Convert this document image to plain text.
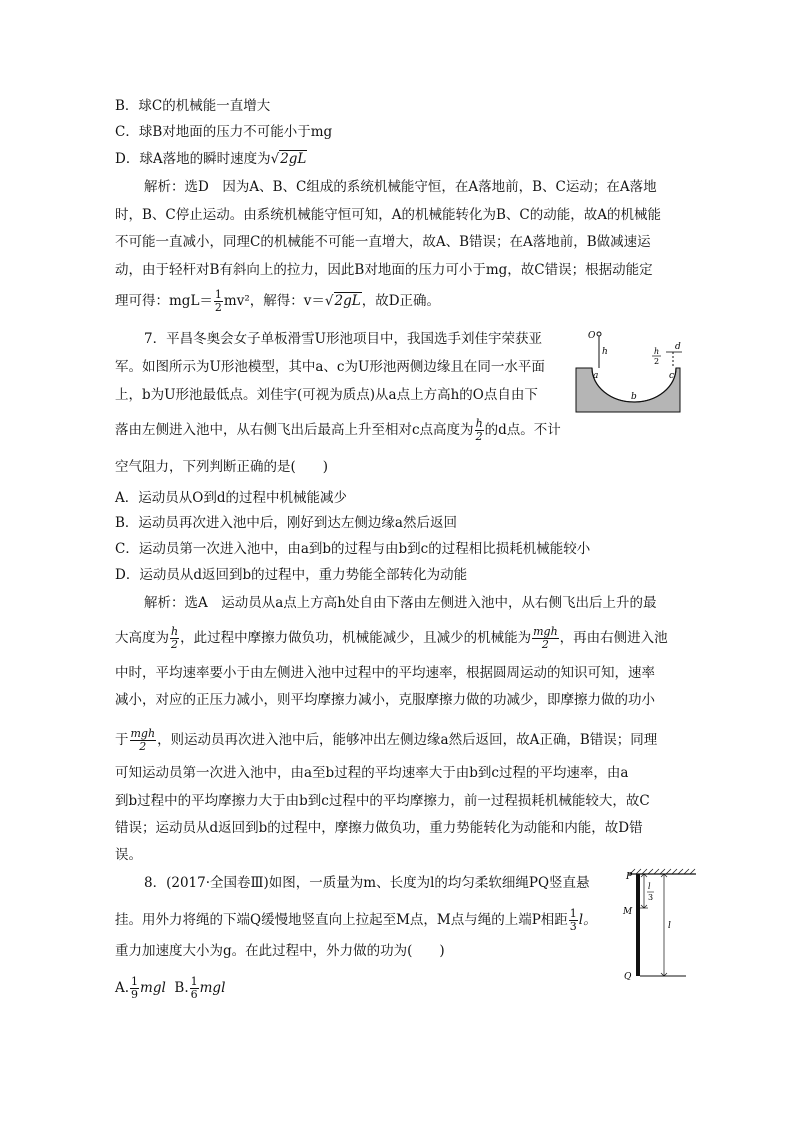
B．球C的机械能一直增大
C．球B对地面的压力不可能小于mg
D．球A落地的瞬时速度为√2gL
解析：选D　因为A、B、C组成的系统机械能守恒，在A落地前，B、C运动；在A落地
时，B、C停止运动。由系统机械能守恒可知，A的机械能转化为B、C的动能，故A的机械能
不可能一直减小，同理C的机械能不可能一直增大，故A、B错误；在A落地前，B做减速运
动，由于轻杆对B有斜向上的拉力，因此B对地面的压力可小于mg，故C错误；根据动能定
理可得：$mgL= \frac{1}{2} mv^2$，解得：v＝√2gL，故D正确。
7．平昌冬奥会女子单板滑雪U形池项目中，我国选手刘佳宇荣获亚
军。如图所示为U形池模型，其中a、c为U形池两侧边缘且在同一水平面
上，b为U形池最低点。刘佳宇(可视为质点)从a点上方高h的O点自由下
落由左侧进入池中，从右侧飞出后最高上升至相对c点高度为 $\frac{h}{2}$ 的d点。不计
空气阻力，下列判断正确的是(　　)
O
h	h
2
d
a
b
c
A．运动员从O到d的过程中机械能减少
B．运动员再次进入池中后，刚好到达左侧边缘a然后返回
C．运动员第一次进入池中，由a到b的过程与由b到c的过程相比损耗机械能较小
D．运动员从d返回到b的过程中，重力势能全部转化为动能
解析：选A　运动员从a点上方高h处自由下落由左侧进入池中，从右侧飞出后上升的最
大高度为 $\frac{h}{2}$ ，此过程中摩擦力做负功，机械能减少，且减少的机械能为 $\frac{\text{mgh}}{2}$ ，再由右侧进入池
中时，平均速率要小于由左侧进入池中过程中的平均速率，根据圆周运动的知识可知，速率
减小，对应的正压力减小，则平均摩擦力减小，克服摩擦力做的功减少，即摩擦力做的功小
于 $\frac{\text{mgh}}{2}$ ，则运动员再次进入池中后，能够冲出左侧边缘a然后返回，故A正确，B错误；同理
可知运动员第一次进入池中，由a至b过程的平均速率大于由b到c过程的平均速率，由a
到b过程中的平均摩擦力大于由b到c过程中的平均摩擦力，前一过程损耗机械能较大，故C
错误；运动员从d返回到b的过程中，摩擦力做负功，重力势能转化为动能和内能，故D错
误。
8．(2017·全国卷Ⅲ)如图，一质量为m、长度为l的均匀柔软细绳PQ竖直悬
挂。用外力将绳的下端Q缓慢地竖直向上拉起至M点，M点与绳的上端P相距 $\frac{1}{3}$ l。
重力加速度大小为g。在此过程中，外力做的功为(　　)
A. $\frac{1}{9}$ mgl B. $\frac{1}{6}$ mgl
P
M
Q
l
3
l
